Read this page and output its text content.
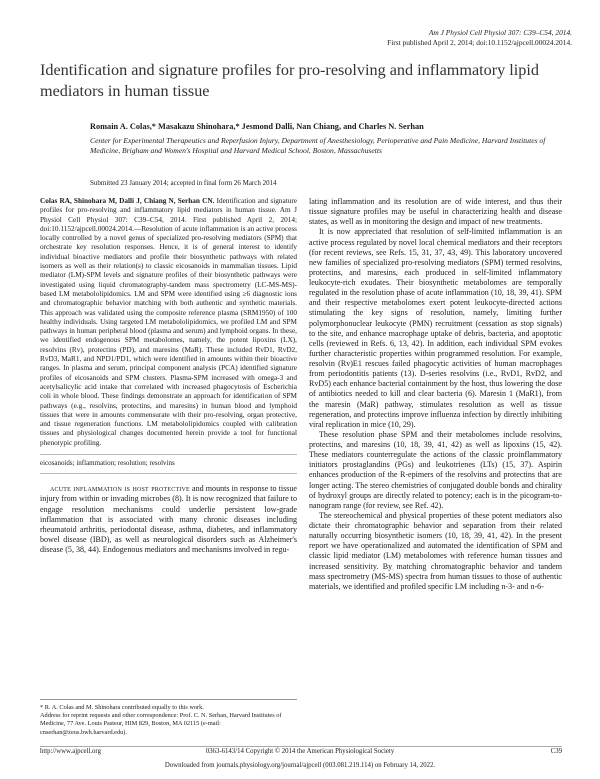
Am J Physiol Cell Physiol 307: C39–C54, 2014.
First published April 2, 2014; doi:10.1152/ajpcell.00024.2014.
Identification and signature profiles for pro-resolving and inflammatory lipid mediators in human tissue
Romain A. Colas,* Masakazu Shinohara,* Jesmond Dalli, Nan Chiang, and Charles N. Serhan
Center for Experimental Therapeutics and Reperfusion Injury, Department of Anesthesiology, Perioperative and Pain Medicine, Harvard Institutes of Medicine, Brigham and Women's Hospital and Harvard Medical School, Boston, Massachusetts
Submitted 23 January 2014; accepted in final form 26 March 2014

Colas RA, Shinohara M, Dalli J, Chiang N, Serhan CN. Identification and signature profiles for pro-resolving and inflammatory lipid mediators in human tissue. Am J Physiol Cell Physiol 307: C39–C54, 2014. First published April 2, 2014; doi:10.1152/ajpcell.00024.2014.—Resolution of acute inflammation is an active process locally controlled by a novel genus of specialized pro-resolving mediators (SPM) that orchestrate key resolution responses. Hence, it is of general interest to identify individual bioactive mediators and profile their biosynthetic pathways with related isomers as well as their relation(s) to classic eicosanoids in mammalian tissues. Lipid mediator (LM)-SPM levels and signature profiles of their biosynthetic pathways were investigated using liquid chromatography-tandem mass spectrometry (LC-MS-MS)-based LM metabololipidomics. LM and SPM were identified using ≥6 diagnostic ions and chromatographic behavior matching with both authentic and synthetic materials. This approach was validated using the composite reference plasma (SRM1950) of 100 healthy individuals. Using targeted LM metabololipidomics, we profiled LM and SPM pathways in human peripheral blood (plasma and serum) and lymphoid organs. In these, we identified endogenous SPM metabolomes, namely, the potent lipoxins (LX), resolvins (Rv), protectins (PD), and maresins (MaR). These included RvD1, RvD2, RvD3, MaR1, and NPD1/PD1, which were identified in amounts within their bioactive ranges. In plasma and serum, principal component analysis (PCA) identified signature profiles of eicosanoids and SPM clusters. Plasma-SPM increased with omega-3 and acetylsalicylic acid intake that correlated with increased phagocytosis of Escherichia coli in whole blood. These findings demonstrate an approach for identification of SPM pathways (e.g., resolvins, protectins, and maresins) in human blood and lymphoid tissues that were in amounts commensurate with their pro-resolving, organ protective, and tissue regeneration functions. LM metabololipidomics coupled with calibration tissues and physiological changes documented herein provide a tool for functional phenotypic profiling.

eicosanoids; inflammation; resolution; resolvins

acute inflammation is host protective and mounts in response to tissue injury from within or invading microbes (8). It is now recognized that failure to engage resolution mechanisms could underlie persistent low-grade inflammation that is associated with many chronic diseases including rheumatoid arthritis, periodontal disease, asthma, diabetes, and inflammatory bowel disease (IBD), as well as neurological disorders such as Alzheimer's disease (5, 38, 44). Endogenous mediators and mechanisms involved in regu-

lating inflammation and its resolution are of wide interest, and thus their tissue signature profiles may be useful in characterizing health and disease states, as well as in monitoring the design and impact of new treatments.

It is now appreciated that resolution of self-limited inflammation is an active process regulated by novel local chemical mediators and their receptors (for recent reviews, see Refs. 15, 31, 37, 43, 49). This laboratory uncovered new families of specialized pro-resolving mediators (SPM) termed resolvins, protectins, and maresins, each produced in self-limited inflammatory leukocyte-rich exudates. Their biosynthetic metabolomes are temporally regulated in the resolution phase of acute inflammation (10, 18, 39, 41). SPM and their respective metabolomes exert potent leukocyte-directed actions stimulating the key signs of resolution, namely, limiting further polymorphonuclear leukocyte (PMN) recruitment (cessation as stop signals) to the site, and enhance macrophage uptake of debris, bacteria, and apoptotic cells (reviewed in Refs. 6, 13, 42). In addition, each individual SPM evokes further characteristic properties within programmed resolution. For example, resolvin (Rv)E1 rescues failed phagocytic activities of human macrophages from periodontitis patients (13). D-series resolvins (i.e., RvD1, RvD2, and RvD5) each enhance bacterial containment by the host, thus lowering the dose of antibiotics needed to kill and clear bacteria (6). Maresin 1 (MaR1), from the maresin (MaR) pathway, stimulates resolution as well as tissue regeneration, and protectins improve influenza infection by directly inhibiting viral replication in mice (10, 29).

These resolution phase SPM and their metabolomes include resolvins, protectins, and maresins (10, 18, 39, 41, 42) as well as lipoxins (15, 42). These mediators counterregulate the actions of the classic proinflammatory initiators prostaglandins (PGs) and leukotrienes (LTs) (15, 37). Aspirin enhances production of the R-epimers of the resolvins and protectins that are longer acting. The stereo chemistries of conjugated double bonds and chirality of hydroxyl groups are directly related to potency; each is in the picogram-to-nanogram range (for review, see Ref. 42).

The stereochemical and physical properties of these potent mediators also dictate their chromatographic behavior and separation from their related naturally occurring biosynthetic isomers (10, 18, 39, 41, 42). In the present report we have operationalized and automated the identification of SPM and classic lipid mediator (LM) metabolomes with reference human tissues and increased sensitivity. By matching chromatographic behavior and tandem mass spectrometry (MS-MS) spectra from human tissues to those of authentic materials, we identified and profiled specific LM including n-3- and n-6-

* R. A. Colas and M. Shinohara contributed equally to this work.
Address for reprint requests and other correspondence: Prof. C. N. Serhan, Harvard Institutes of Medicine, 77 Ave. Louis Pasteur, HIM 829, Boston, MA 02115 (e-mail: cnserhan@zeus.bwh.harvard.edu).
http://www.ajpcell.org	0363-6143/14 Copyright © 2014 the American Physiological Society	C39
Downloaded from journals.physiology.org/journal/ajpcell (003.081.219.114) on February 14, 2022.
